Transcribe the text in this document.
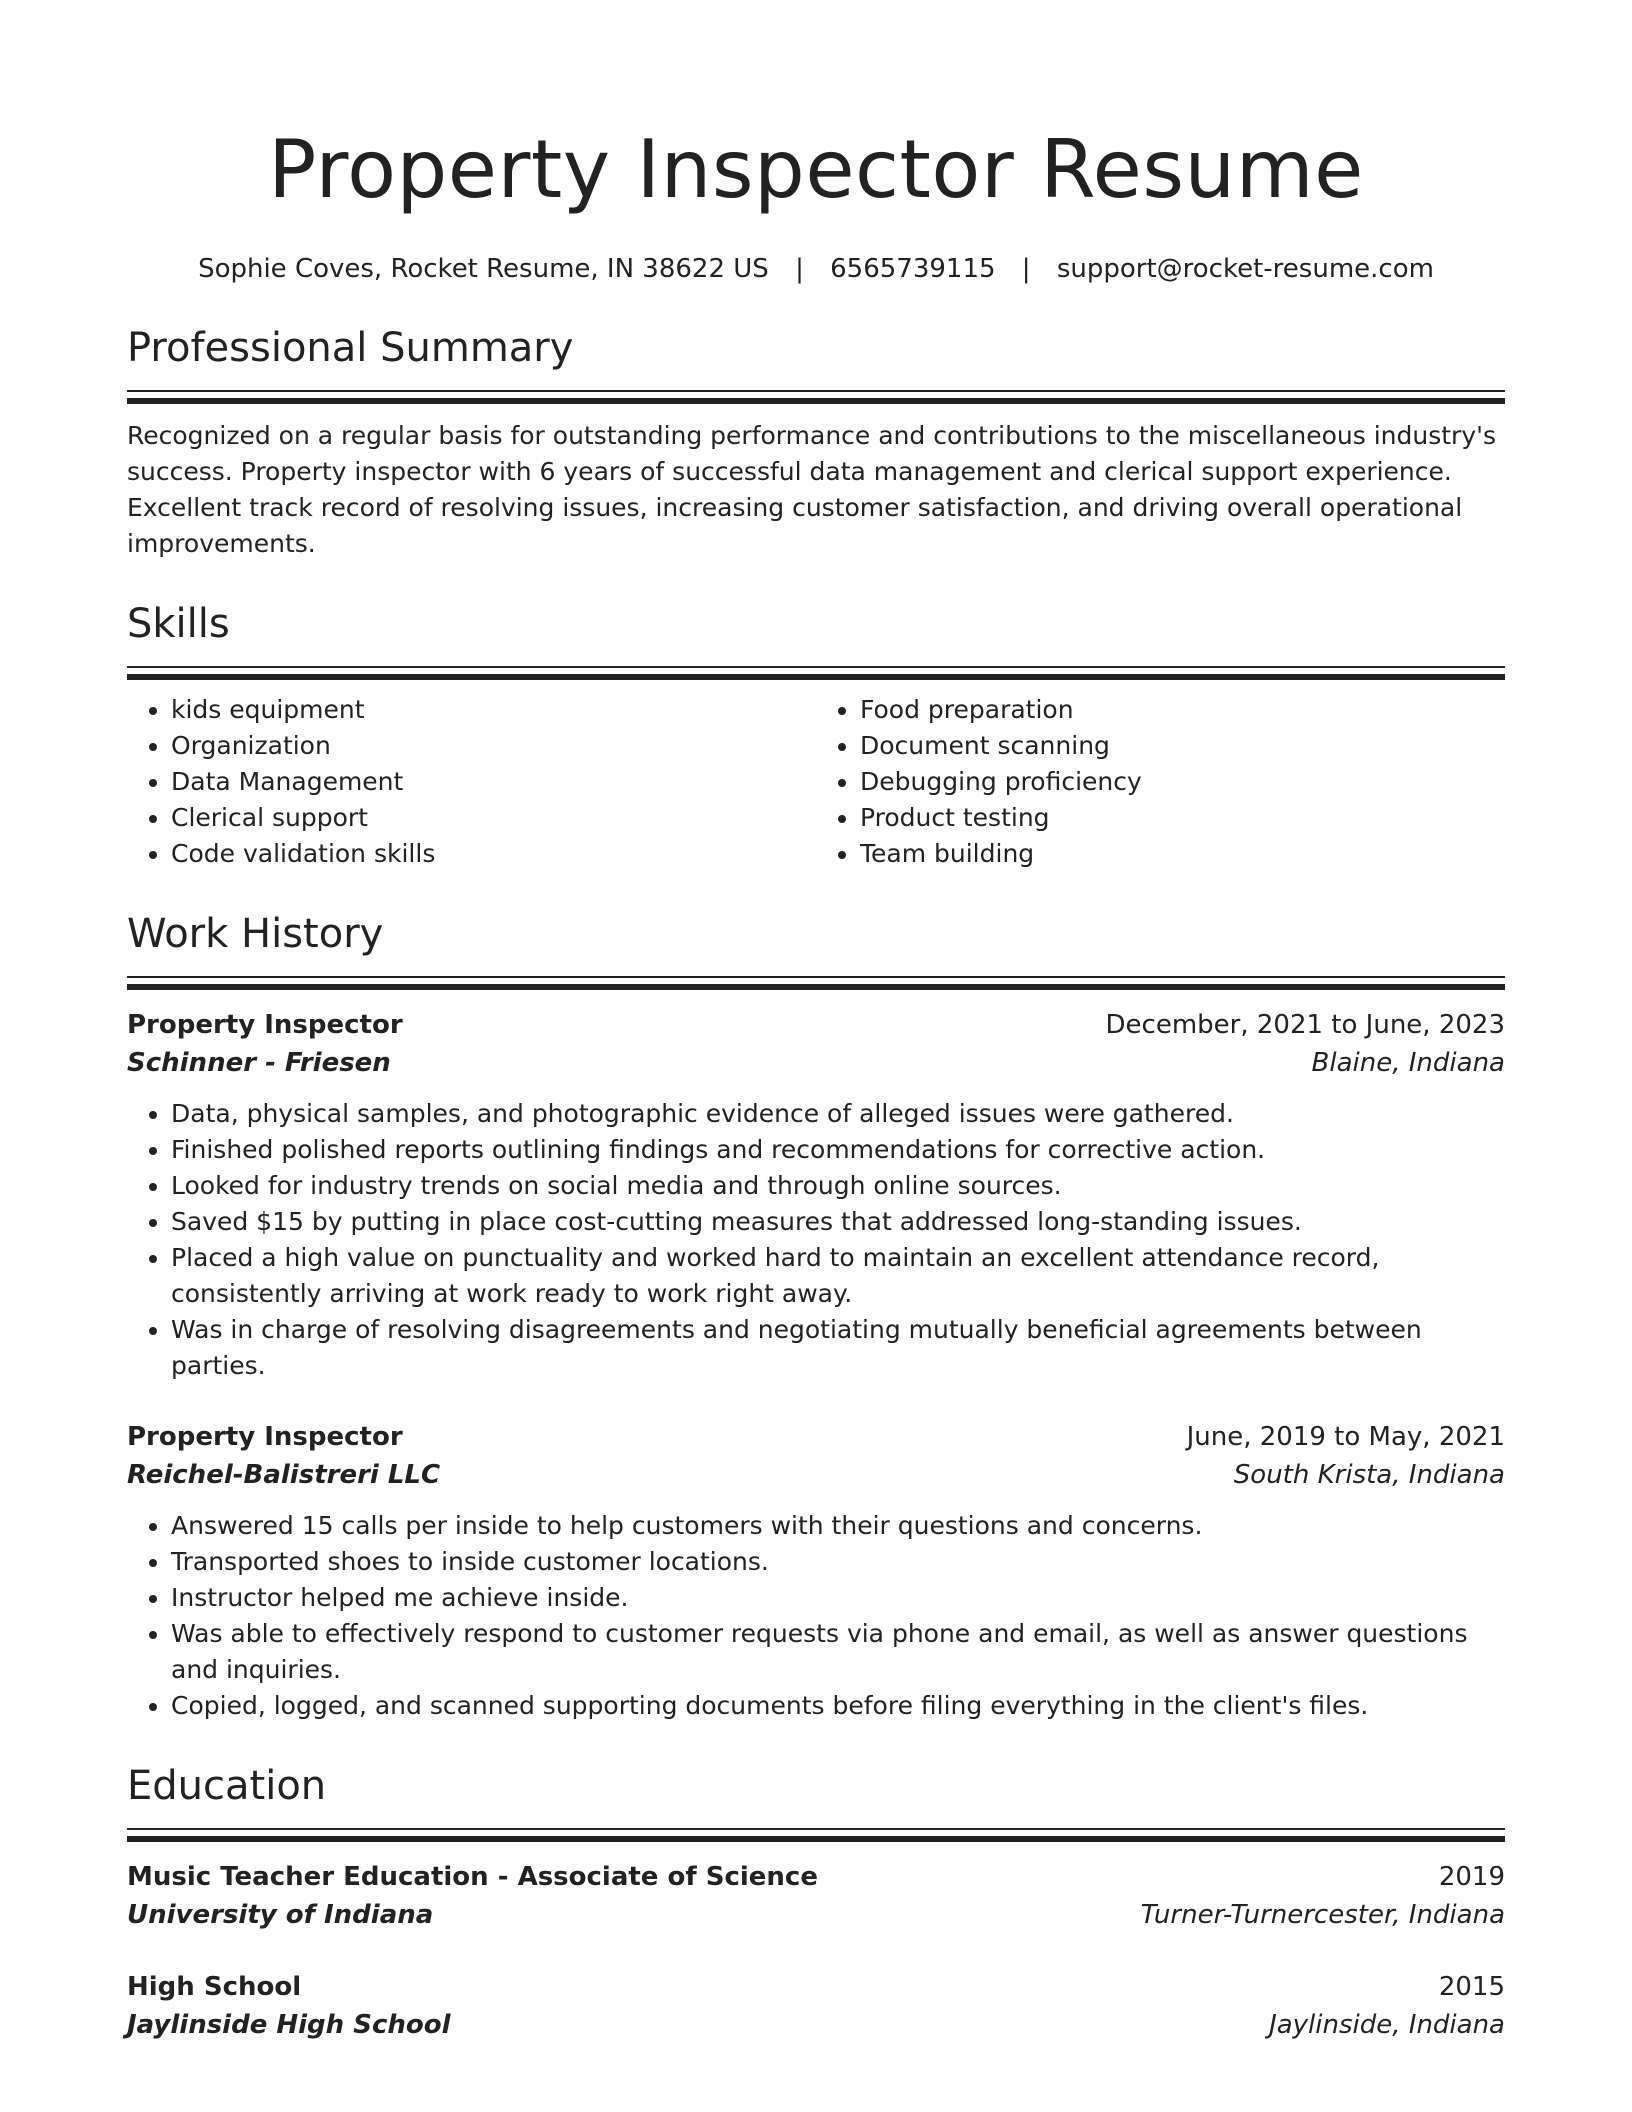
Property Inspector Resume
Sophie Coves, Rocket Resume, IN 38622 US | 6565739115 | support@rocket-resume.com
Professional Summary
Recognized on a regular basis for outstanding performance and contributions to the miscellaneous industry's success. Property inspector with 6 years of successful data management and clerical support experience. Excellent track record of resolving issues, increasing customer satisfaction, and driving overall operational improvements.
Skills
• kids equipment
• Organization
• Data Management
• Clerical support
• Code validation skills
• Food preparation
• Document scanning
• Debugging proficiency
• Product testing
• Team building
Work History
Property Inspector	December, 2021 to June, 2023
Schinner - Friesen	Blaine, Indiana
• Data, physical samples, and photographic evidence of alleged issues were gathered.
• Finished polished reports outlining findings and recommendations for corrective action.
• Looked for industry trends on social media and through online sources.
• Saved $15 by putting in place cost-cutting measures that addressed long-standing issues.
• Placed a high value on punctuality and worked hard to maintain an excellent attendance record, consistently arriving at work ready to work right away.
• Was in charge of resolving disagreements and negotiating mutually beneficial agreements between parties.
Property Inspector	June, 2019 to May, 2021
Reichel-Balistreri LLC	South Krista, Indiana
• Answered 15 calls per inside to help customers with their questions and concerns.
• Transported shoes to inside customer locations.
• Instructor helped me achieve inside.
• Was able to effectively respond to customer requests via phone and email, as well as answer questions and inquiries.
• Copied, logged, and scanned supporting documents before filing everything in the client's files.
Education
Music Teacher Education - Associate of Science	2019
University of Indiana	Turner-Turnercester, Indiana
High School	2015
Jaylinside High School	Jaylinside, Indiana
